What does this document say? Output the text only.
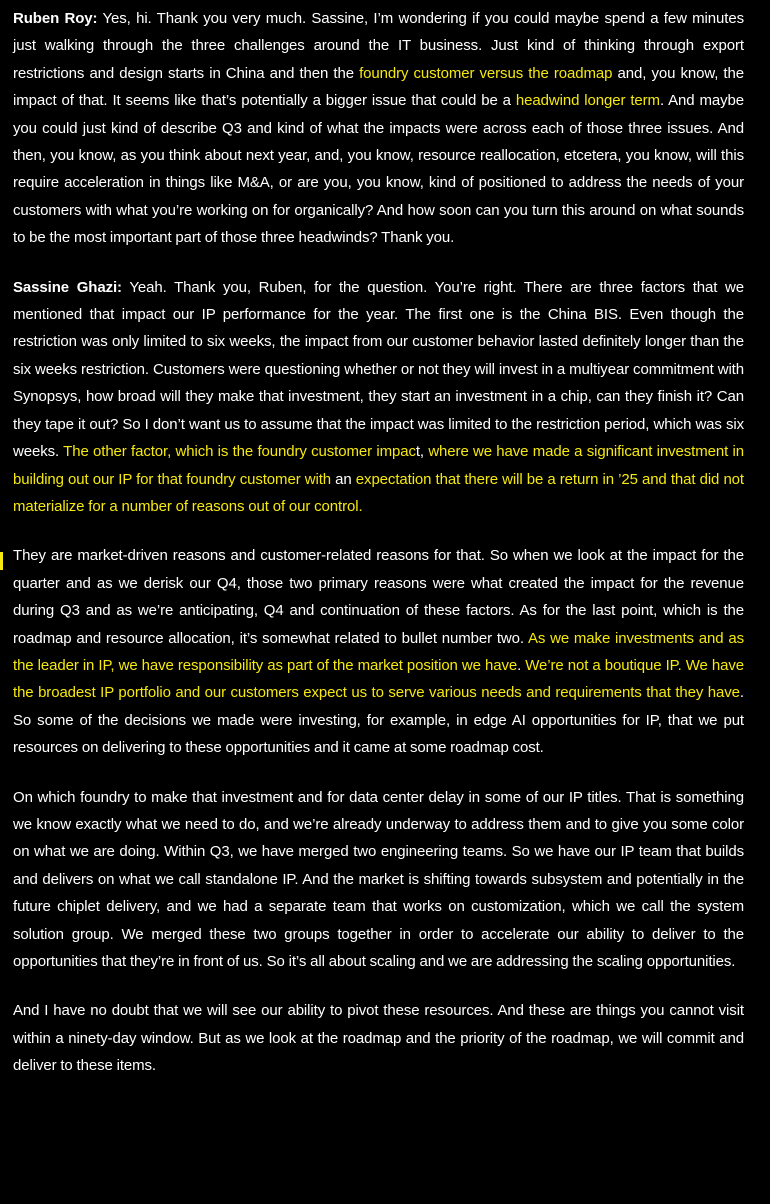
Ruben Roy: Yes, hi. Thank you very much. Sassine, I’m wondering if you could maybe spend a few minutes just walking through the three challenges around the IT business. Just kind of thinking through export restrictions and design starts in China and then the foundry customer versus the roadmap and, you know, the impact of that. It seems like that’s potentially a bigger issue that could be a headwind longer term. And maybe you could just kind of describe Q3 and kind of what the impacts were across each of those three issues. And then, you know, as you think about next year, and, you know, resource reallocation, etcetera, you know, will this require acceleration in things like M&A, or are you, you know, kind of positioned to address the needs of your customers with what you’re working on for organically? And how soon can you turn this around on what sounds to be the most important part of those three headwinds? Thank you.

Sassine Ghazi: Yeah. Thank you, Ruben, for the question. You’re right. There are three factors that we mentioned that impact our IP performance for the year. The first one is the China BIS. Even though the restriction was only limited to six weeks, the impact from our customer behavior lasted definitely longer than the six weeks restriction. Customers were questioning whether or not they will invest in a multiyear commitment with Synopsys, how broad will they make that investment, they start an investment in a chip, can they finish it? Can they tape it out? So I don’t want us to assume that the impact was limited to the restriction period, which was six weeks. The other factor, which is the foundry customer impact, where we have made a significant investment in building out our IP for that foundry customer with an expectation that there will be a return in ’25 and that did not materialize for a number of reasons out of our control.

They are market-driven reasons and customer-related reasons for that. So when we look at the impact for the quarter and as we derisk our Q4, those two primary reasons were what created the impact for the revenue during Q3 and as we’re anticipating, Q4 and continuation of these factors. As for the last point, which is the roadmap and resource allocation, it’s somewhat related to bullet number two. As we make investments and as the leader in IP, we have responsibility as part of the market position we have. We’re not a boutique IP. We have the broadest IP portfolio and our customers expect us to serve various needs and requirements that they have. So some of the decisions we made were investing, for example, in edge AI opportunities for IP, that we put resources on delivering to these opportunities and it came at some roadmap cost.

On which foundry to make that investment and for data center delay in some of our IP titles. That is something we know exactly what we need to do, and we’re already underway to address them and to give you some color on what we are doing. Within Q3, we have merged two engineering teams. So we have our IP team that builds and delivers on what we call standalone IP. And the market is shifting towards subsystem and potentially in the future chiplet delivery, and we had a separate team that works on customization, which we call the system solution group. We merged these two groups together in order to accelerate our ability to deliver to the opportunities that they’re in front of us. So it’s all about scaling and we are addressing the scaling opportunities.

And I have no doubt that we will see our ability to pivot these resources. And these are things you cannot visit within a ninety-day window. But as we look at the roadmap and the priority of the roadmap, we will commit and deliver to these items.
